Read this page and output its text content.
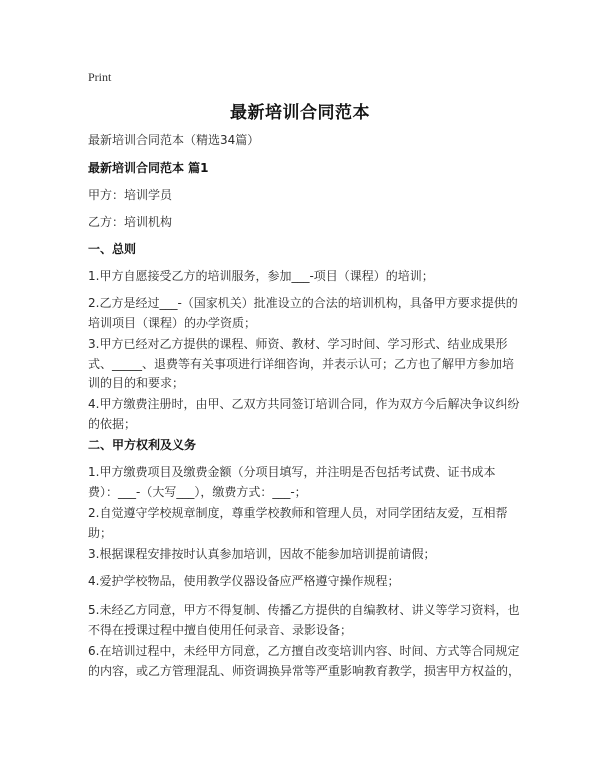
Print
最新培训合同范本

最新培训合同范本（精选34篇）

最新培训合同范本 篇1

甲方：培训学员

乙方：培训机构

一、总则

1.甲方自愿接受乙方的培训服务，参加___-项目（课程）的培训；

2.乙方是经过___-（国家机关）批准设立的合法的培训机构，具备甲方要求提供的培训项目（课程）的办学资质；

3.甲方已经对乙方提供的课程、师资、教材、学习时间、学习形式、结业成果形式、_____、退费等有关事项进行详细咨询，并表示认可；乙方也了解甲方参加培训的目的和要求；

4.甲方缴费注册时，由甲、乙双方共同签订培训合同，作为双方今后解决争议纠纷的依据；

二、甲方权利及义务

1.甲方缴费项目及缴费金额（分项目填写，并注明是否包括考试费、证书成本费）：___-（大写___），缴费方式：___-；

2.自觉遵守学校规章制度，尊重学校教师和管理人员，对同学团结友爱，互相帮助；

3.根据课程安排按时认真参加培训，因故不能参加培训提前请假；

4.爱护学校物品，使用教学仪器设备应严格遵守操作规程；

5.未经乙方同意，甲方不得复制、传播乙方提供的自编教材、讲义等学习资料，也不得在授课过程中擅自使用任何录音、录影设备；

6.在培训过程中，未经甲方同意，乙方擅自改变培训内容、时间、方式等合同规定的内容，或乙方管理混乱、师资调换异常等严重影响教育教学，损害甲方权益的，
